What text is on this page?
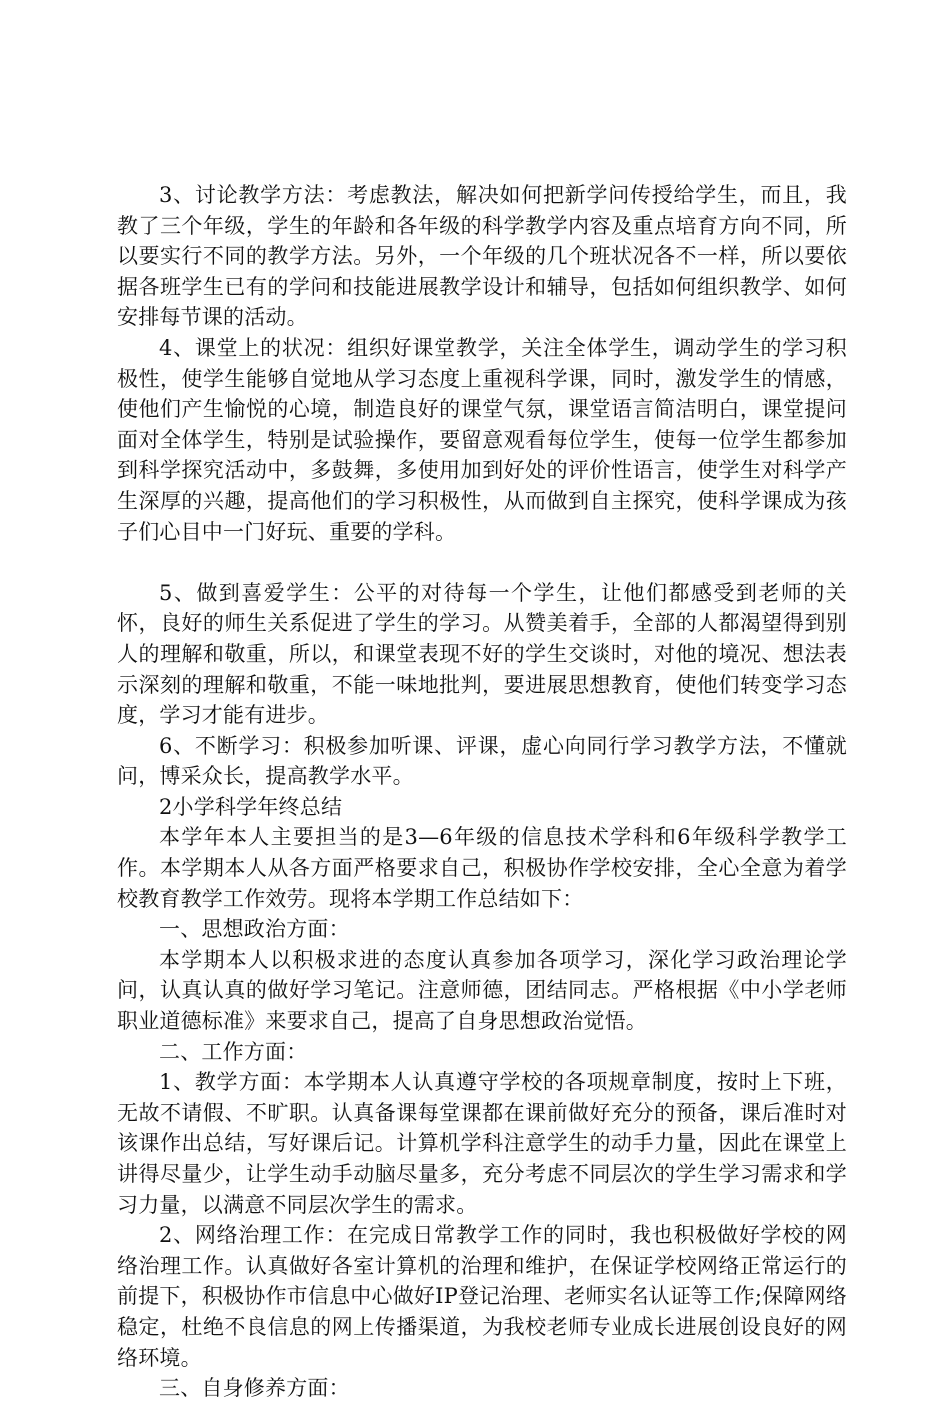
3、讨论教学方法：考虑教法，解决如何把新学问传授给学生，而且，我教了三个年级，学生的年龄和各年级的科学教学内容及重点培育方向不同，所以要实行不同的教学方法。另外，一个年级的几个班状况各不一样，所以要依据各班学生已有的学问和技能进展教学设计和辅导，包括如何组织教学、如何安排每节课的活动。

4、课堂上的状况：组织好课堂教学，关注全体学生，调动学生的学习积极性，使学生能够自觉地从学习态度上重视科学课，同时，激发学生的情感，使他们产生愉悦的心境，制造良好的课堂气氛，课堂语言简洁明白，课堂提问面对全体学生，特别是试验操作，要留意观看每位学生，使每一位学生都参加到科学探究活动中，多鼓舞，多使用加到好处的评价性语言，使学生对科学产生深厚的兴趣，提高他们的学习积极性，从而做到自主探究，使科学课成为孩子们心目中一门好玩、重要的学科。

5、做到喜爱学生：公平的对待每一个学生，让他们都感受到老师的关怀，良好的师生关系促进了学生的学习。从赞美着手，全部的人都渴望得到别人的理解和敬重，所以，和课堂表现不好的学生交谈时，对他的境况、想法表示深刻的理解和敬重，不能一味地批判，要进展思想教育，使他们转变学习态度，学习才能有进步。

6、不断学习：积极参加听课、评课，虚心向同行学习教学方法，不懂就问，博采众长，提高教学水平。

2小学科学年终总结

本学年本人主要担当的是3—6年级的信息技术学科和6年级科学教学工作。本学期本人从各方面严格要求自己，积极协作学校安排，全心全意为着学校教育教学工作效劳。现将本学期工作总结如下：

一、思想政治方面：

本学期本人以积极求进的态度认真参加各项学习，深化学习政治理论学问，认真认真的做好学习笔记。注意师德，团结同志。严格根据《中小学老师职业道德标准》来要求自己，提高了自身思想政治觉悟。

二、工作方面：

1、教学方面：本学期本人认真遵守学校的各项规章制度，按时上下班，无故不请假、不旷职。认真备课每堂课都在课前做好充分的预备，课后准时对该课作出总结，写好课后记。计算机学科注意学生的动手力量，因此在课堂上讲得尽量少，让学生动手动脑尽量多，充分考虑不同层次的学生学习需求和学习力量，以满意不同层次学生的需求。

2、网络治理工作：在完成日常教学工作的同时，我也积极做好学校的网络治理工作。认真做好各室计算机的治理和维护，在保证学校网络正常运行的前提下，积极协作市信息中心做好IP登记治理、老师实名认证等工作;保障网络稳定，杜绝不良信息的网上传播渠道，为我校老师专业成长进展创设良好的网络环境。

三、自身修养方面：
